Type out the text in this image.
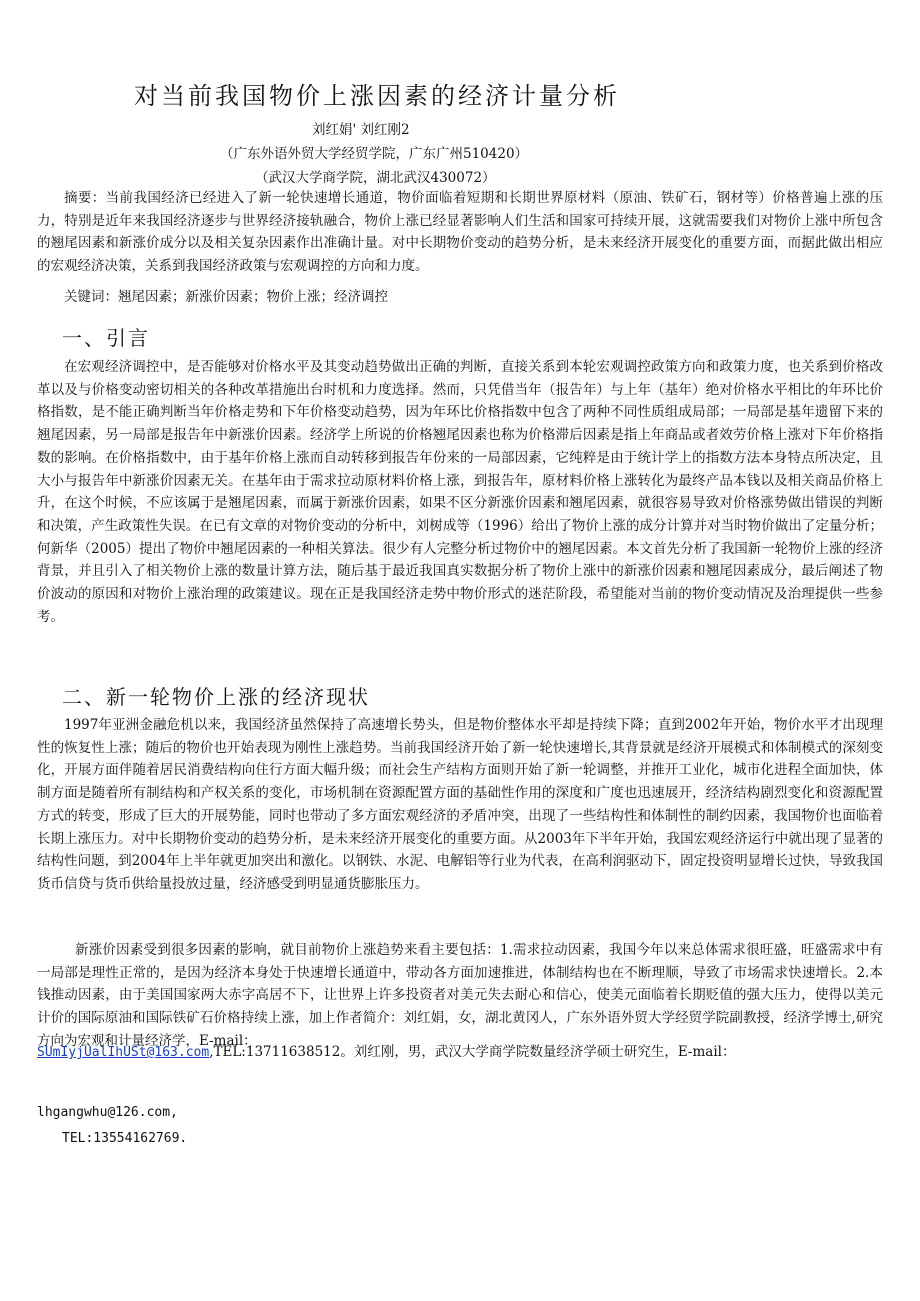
对当前我国物价上涨因素的经济计量分析
刘红娟' 刘红刚2
（广东外语外贸大学经贸学院，广东广州510420）
（武汉大学商学院，湖北武汉430072）

摘要：当前我国经济已经进入了新一轮快速增长通道，物价面临着短期和长期世界原材料（原油、铁矿石，钢材等）价格普遍上涨的压力，特别是近年来我国经济逐步与世界经济接轨融合，物价上涨已经显著影响人们生活和国家可持续开展，这就需要我们对物价上涨中所包含的翘尾因素和新涨价成分以及相关复杂因素作出准确计量。对中长期物价变动的趋势分析，是未来经济开展变化的重要方面，而据此做出相应的宏观经济决策，关系到我国经济政策与宏观调控的方向和力度。

关键词：翘尾因素；新涨价因素；物价上涨；经济调控
一、引言

在宏观经济调控中，是否能够对价格水平及其变动趋势做出正确的判断，直接关系到本轮宏观调控政策方向和政策力度，也关系到价格改革以及与价格变动密切相关的各种改革措施出台时机和力度选择。然而，只凭借当年（报告年）与上年（基年）绝对价格水平相比的年环比价格指数，是不能正确判断当年价格走势和下年价格变动趋势，因为年环比价格指数中包含了两种不同性质组成局部；一局部是基年遗留下来的翘尾因素，另一局部是报告年中新涨价因素。经济学上所说的价格翘尾因素也称为价格滞后因素是指上年商品或者效劳价格上涨对下年价格指数的影响。在价格指数中，由于基年价格上涨而自动转移到报告年份来的一局部因素，它纯粹是由于统计学上的指数方法本身特点所决定，且大小与报告年中新涨价因素无关。在基年由于需求拉动原材料价格上涨，到报告年，原材料价格上涨转化为最终产品本钱以及相关商品价格上升，在这个时候，不应该属于是翘尾因素，而属于新涨价因素，如果不区分新涨价因素和翘尾因素，就很容易导致对价格涨势做出错误的判断和决策，产生政策性失误。在已有文章的对物价变动的分析中，刘树成等（1996）给出了物价上涨的成分计算并对当时物价做出了定量分析；何新华（2005）提出了物价中翘尾因素的一种相关算法。很少有人完整分析过物价中的翘尾因素。本文首先分析了我国新一轮物价上涨的经济背景，并且引入了相关物价上涨的数量计算方法，随后基于最近我国真实数据分析了物价上涨中的新涨价因素和翘尾因素成分，最后阐述了物价波动的原因和对物价上涨治理的政策建议。现在正是我国经济走势中物价形式的迷茫阶段，希望能对当前的物价变动情况及治理提供一些参考。

二、新一轮物价上涨的经济现状

1997年亚洲金融危机以来，我国经济虽然保持了高速增长势头，但是物价整体水平却是持续下降；直到2002年开始，物价水平才出现理性的恢复性上涨；随后的物价也开始表现为刚性上涨趋势。当前我国经济开始了新一轮快速增长,其背景就是经济开展模式和体制模式的深刻变化，开展方面伴随着居民消费结构向住行方面大幅升级；而社会生产结构方面则开始了新一轮调整，并推开工业化，城市化进程全面加快，体制方面是随着所有制结构和产权关系的变化，市场机制在资源配置方面的基础性作用的深度和广度也迅速展开，经济结构剧烈变化和资源配置方式的转变，形成了巨大的开展势能，同时也带动了多方面宏观经济的矛盾冲突，出现了一些结构性和体制性的制约因素，我国物价也面临着长期上涨压力。对中长期物价变动的趋势分析，是未来经济开展变化的重要方面。从2003年下半年开始，我国宏观经济运行中就出现了显著的结构性问题，到2004年上半年就更加突出和激化。以钢铁、水泥、电解铝等行业为代表，在高利润驱动下，固定投资明显增长过快，导致我国货币信贷与货币供给量投放过量，经济感受到明显通货膨胀压力。

新涨价因素受到很多因素的影响，就目前物价上涨趋势来看主要包括：1.需求拉动因素，我国今年以来总体需求很旺盛，旺盛需求中有一局部是理性正常的，是因为经济本身处于快速增长通道中，带动各方面加速推进，体制结构也在不断理顺，导致了市场需求快速增长。2.本钱推动因素，由于美国国家两大赤字高居不下，让世界上许多投资者对美元失去耐心和信心，使美元面临着长期贬值的强大压力，使得以美元计价的国际原油和国际铁矿石价格持续上涨，加上作者简介：刘红娟，女，湖北黄冈人，广东外语外贸大学经贸学院副教授，经济学博士,研究方向为宏观和计量经济学，E-mail：

SUmIyjUalIhUSt@163.com,TEL:13711638512。刘红刚，男，武汉大学商学院数量经济学硕士研究生，E-mail：
lhgangwhu@126.com,
TEL:13554162769.
